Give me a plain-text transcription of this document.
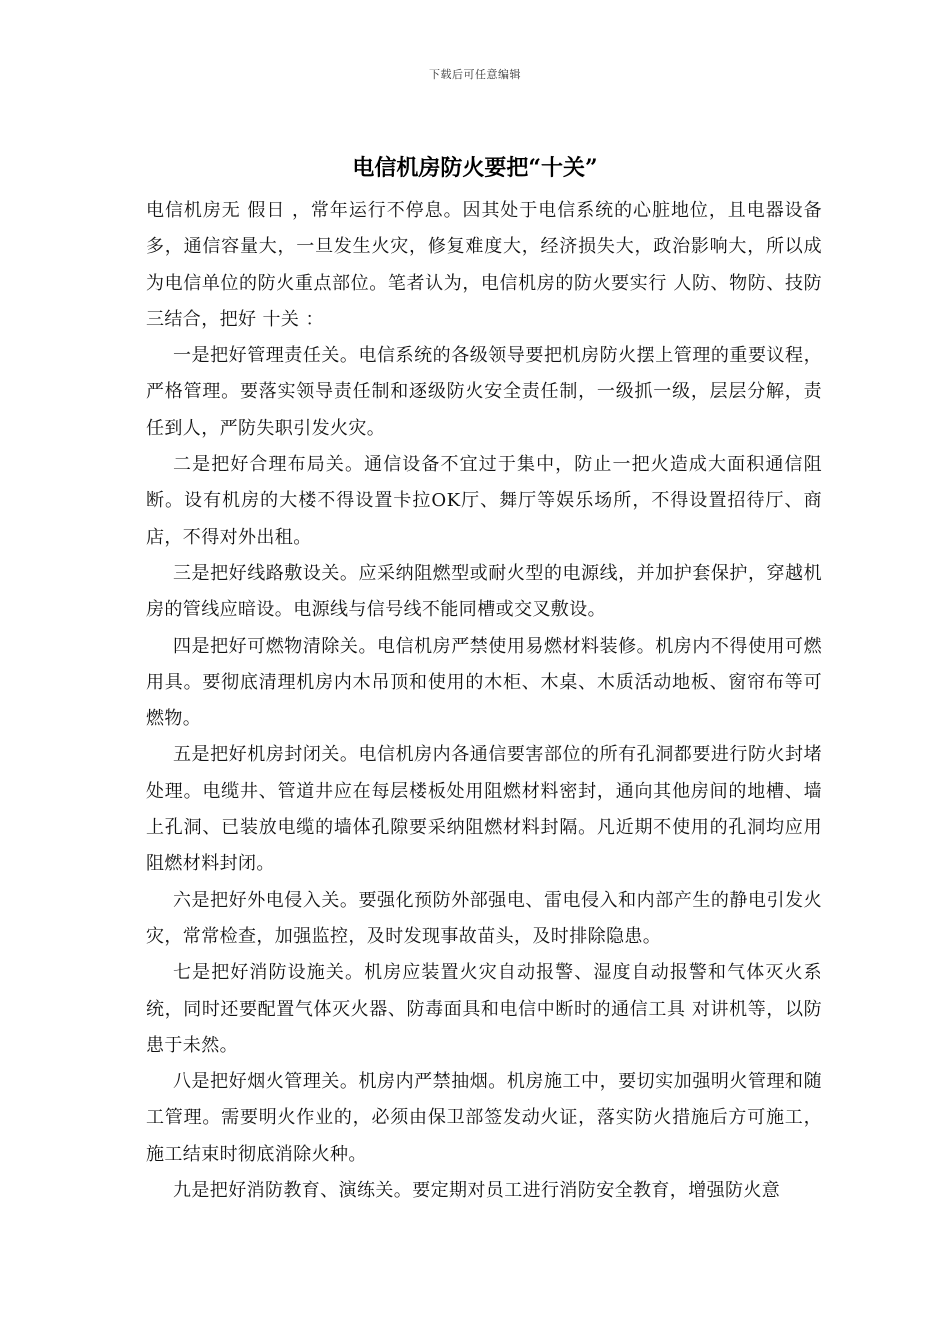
下载后可任意编辑
电信机房防火要把“十关”

电信机房无 假日 ，常年运行不停息。因其处于电信系统的心脏地位，且电器设备多，通信容量大，一旦发生火灾，修复难度大，经济损失大，政治影响大，所以成为电信单位的防火重点部位。笔者认为，电信机房的防火要实行 人防、物防、技防 三结合，把好 十关 ：

一是把好管理责任关。电信系统的各级领导要把机房防火摆上管理的重要议程，严格管理。要落实领导责任制和逐级防火安全责任制，一级抓一级，层层分解，责任到人，严防失职引发火灾。

二是把好合理布局关。通信设备不宜过于集中，防止一把火造成大面积通信阻断。设有机房的大楼不得设置卡拉OK厅、舞厅等娱乐场所，不得设置招待厅、商店，不得对外出租。

三是把好线路敷设关。应采纳阻燃型或耐火型的电源线，并加护套保护，穿越机房的管线应暗设。电源线与信号线不能同槽或交叉敷设。

四是把好可燃物清除关。电信机房严禁使用易燃材料装修。机房内不得使用可燃用具。要彻底清理机房内木吊顶和使用的木柜、木桌、木质活动地板、窗帘布等可燃物。

五是把好机房封闭关。电信机房内各通信要害部位的所有孔洞都要进行防火封堵处理。电缆井、管道井应在每层楼板处用阻燃材料密封，通向其他房间的地槽、墙上孔洞、已装放电缆的墙体孔隙要采纳阻燃材料封隔。凡近期不使用的孔洞均应用阻燃材料封闭。

六是把好外电侵入关。要强化预防外部强电、雷电侵入和内部产生的静电引发火灾，常常检查，加强监控，及时发现事故苗头，及时排除隐患。

七是把好消防设施关。机房应装置火灾自动报警、湿度自动报警和气体灭火系统，同时还要配置气体灭火器、防毒面具和电信中断时的通信工具 对讲机等，以防患于未然。

八是把好烟火管理关。机房内严禁抽烟。机房施工中，要切实加强明火管理和随工管理。需要明火作业的，必须由保卫部签发动火证，落实防火措施后方可施工，施工结束时彻底消除火种。

九是把好消防教育、演练关。要定期对员工进行消防安全教育，增强防火意
